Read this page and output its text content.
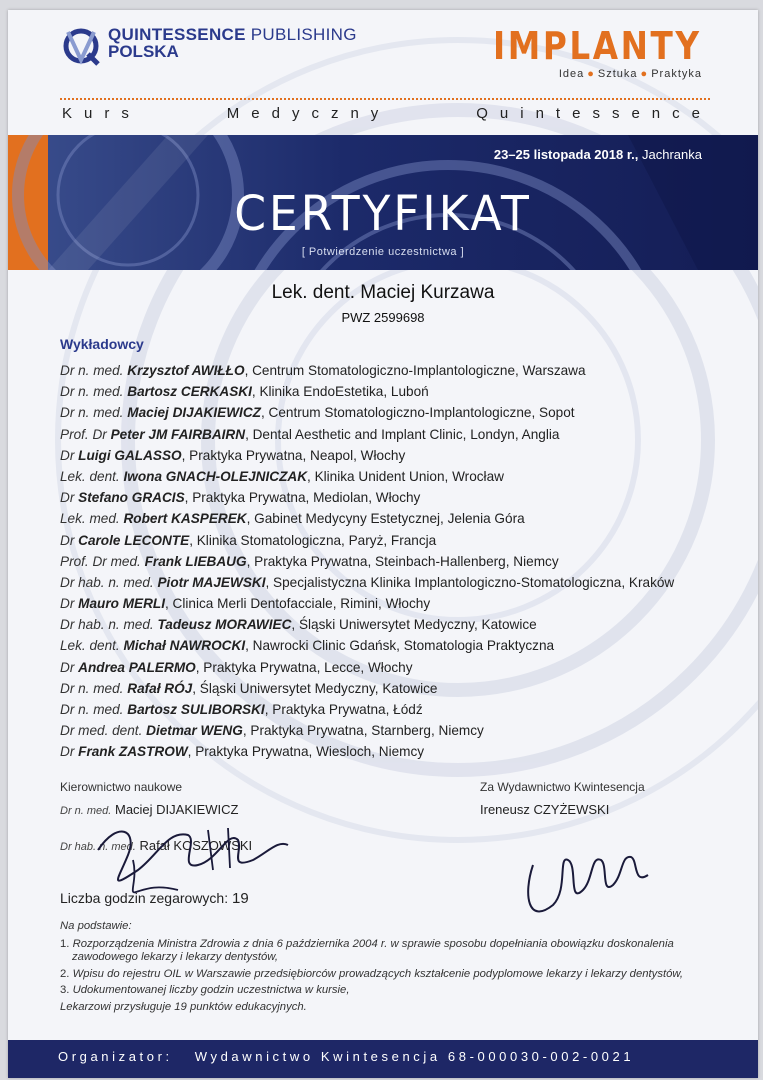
QUINTESSENCE PUBLISHING
POLSKA	IMPLANTY
Idea ● Sztuka ● Praktyka
Kurs	Medyczny	Quintessence
23–25 listopada 2018 r., Jachranka
CERTYFIKAT
[ Potwierdzenie uczestnictwa ]
Lek. dent. Maciej Kurzawa
PWZ 2599698
Wykładowcy
Dr n. med. Krzysztof AWIŁŁO, Centrum Stomatologiczno-Implantologiczne, Warszawa
Dr n. med. Bartosz CERKASKI, Klinika EndoEstetika, Luboń
Dr n. med. Maciej DIJAKIEWICZ, Centrum Stomatologiczno-Implantologiczne, Sopot
Prof. Dr Peter JM FAIRBAIRN, Dental Aesthetic and Implant Clinic, Londyn, Anglia
Dr Luigi GALASSO, Praktyka Prywatna, Neapol, Włochy
Lek. dent. Iwona GNACH-OLEJNICZAK, Klinika Unident Union, Wrocław
Dr Stefano GRACIS, Praktyka Prywatna, Mediolan, Włochy
Lek. med. Robert KASPEREK, Gabinet Medycyny Estetycznej, Jelenia Góra
Dr Carole LECONTE, Klinika Stomatologiczna, Paryż, Francja
Prof. Dr med. Frank LIEBAUG, Praktyka Prywatna, Steinbach-Hallenberg, Niemcy
Dr hab. n. med. Piotr MAJEWSKI, Specjalistyczna Klinika Implantologiczno-Stomatologiczna, Kraków
Dr Mauro MERLI, Clinica Merli Dentofacciale, Rimini, Włochy
Dr hab. n. med. Tadeusz MORAWIEC, Śląski Uniwersytet Medyczny, Katowice
Lek. dent. Michał NAWROCKI, Nawrocki Clinic Gdańsk, Stomatologia Praktyczna
Dr Andrea PALERMO, Praktyka Prywatna, Lecce, Włochy
Dr n. med. Rafał RÓJ, Śląski Uniwersytet Medyczny, Katowice
Dr n. med. Bartosz SULIBORSKI, Praktyka Prywatna, Łódź
Dr med. dent. Dietmar WENG, Praktyka Prywatna, Starnberg, Niemcy
Dr Frank ZASTROW, Praktyka Prywatna, Wiesloch, Niemcy
Kierownictwo naukowe
Dr n. med. Maciej DIJAKIEWICZ
Dr hab. n. med. Rafał KOSZOWSKI
Za Wydawnictwo Kwintesencja
Ireneusz CZYŻEWSKI
Liczba godzin zegarowych: 19
Na podstawie:
1. Rozporządzenia Ministra Zdrowia z dnia 6 października 2004 r. w sprawie sposobu dopełniania obowiązku doskonalenia
zawodowego lekarzy i lekarzy dentystów,
2. Wpisu do rejestru OIL w Warszawie przedsiębiorców prowadzących kształcenie podyplomowe lekarzy i lekarzy dentystów,
3. Udokumentowanej liczby godzin uczestnictwa w kursie,
Lekarzowi przysługuje 19 punktów edukacyjnych.
Organizator: Wydawnictwo Kwintesencja 68-000030-002-0021
